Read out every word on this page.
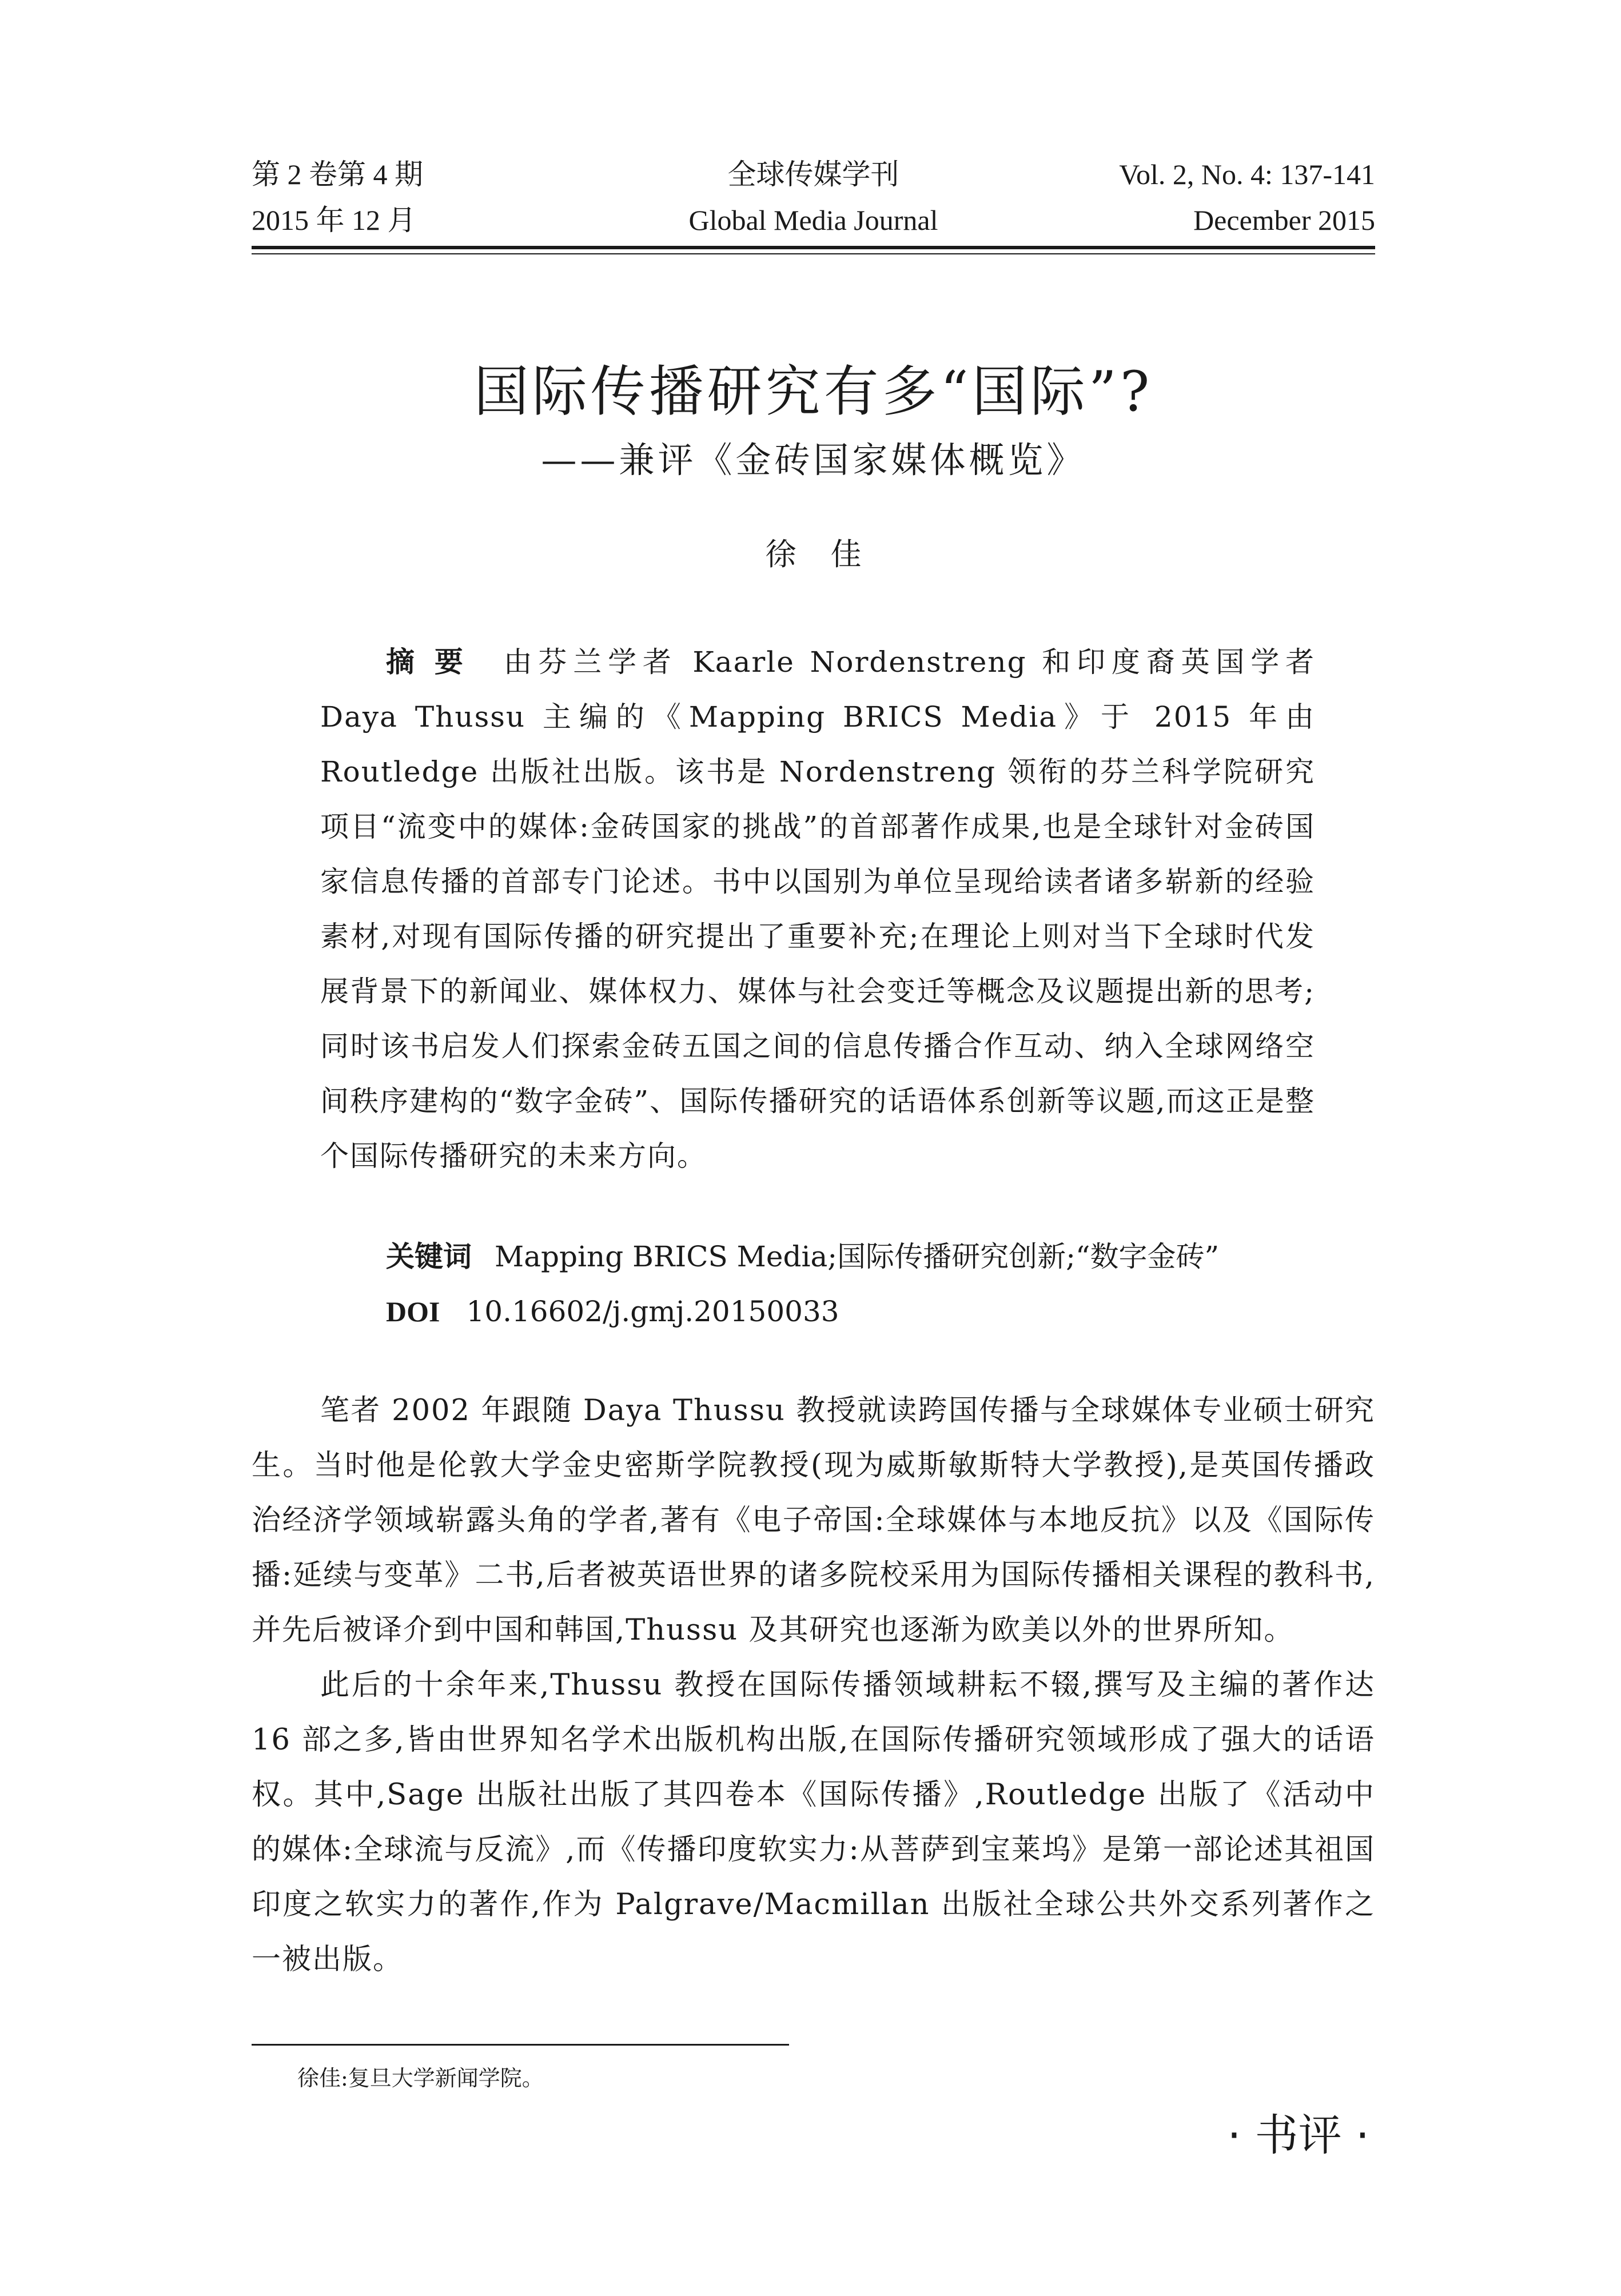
第 2 卷第 4 期	全球传媒学刊	Vol. 2, No. 4: 137-141
2015 年 12 月	Global Media Journal	December 2015
国际传播研究有多“国际”?
——兼评《金砖国家媒体概览》
徐佳
摘要 由芬兰学者 Kaarle Nordenstreng 和印度裔英国学者 Daya Thussu 主编的《Mapping BRICS Media》于 2015 年由 Routledge 出版社出版。该书是 Nordenstreng 领衔的芬兰科学院研究项目“流变中的媒体:金砖国家的挑战”的首部著作成果,也是全球针对金砖国家信息传播的首部专门论述。书中以国别为单位呈现给读者诸多崭新的经验素材,对现有国际传播的研究提出了重要补充;在理论上则对当下全球时代发展背景下的新闻业、媒体权力、媒体与社会变迁等概念及议题提出新的思考;同时该书启发人们探索金砖五国之间的信息传播合作互动、纳入全球网络空间秩序建构的“数字金砖”、国际传播研究的话语体系创新等议题,而这正是整个国际传播研究的未来方向。
关键词 Mapping BRICS Media;国际传播研究创新;“数字金砖”
DOI 10.16602/j.gmj.20150033

笔者 2002 年跟随 Daya Thussu 教授就读跨国传播与全球媒体专业硕士研究生。当时他是伦敦大学金史密斯学院教授(现为威斯敏斯特大学教授),是英国传播政治经济学领域崭露头角的学者,著有《电子帝国:全球媒体与本地反抗》以及《国际传播:延续与变革》二书,后者被英语世界的诸多院校采用为国际传播相关课程的教科书,并先后被译介到中国和韩国,Thussu 及其研究也逐渐为欧美以外的世界所知。

此后的十余年来,Thussu 教授在国际传播领域耕耘不辍,撰写及主编的著作达 16 部之多,皆由世界知名学术出版机构出版,在国际传播研究领域形成了强大的话语权。其中,Sage 出版社出版了其四卷本《国际传播》,Routledge 出版了《活动中的媒体:全球流与反流》,而《传播印度软实力:从菩萨到宝莱坞》是第一部论述其祖国印度之软实力的著作,作为 Palgrave/Macmillan 出版社全球公共外交系列著作之一被出版。

徐佳:复旦大学新闻学院。
· 书评 ·
